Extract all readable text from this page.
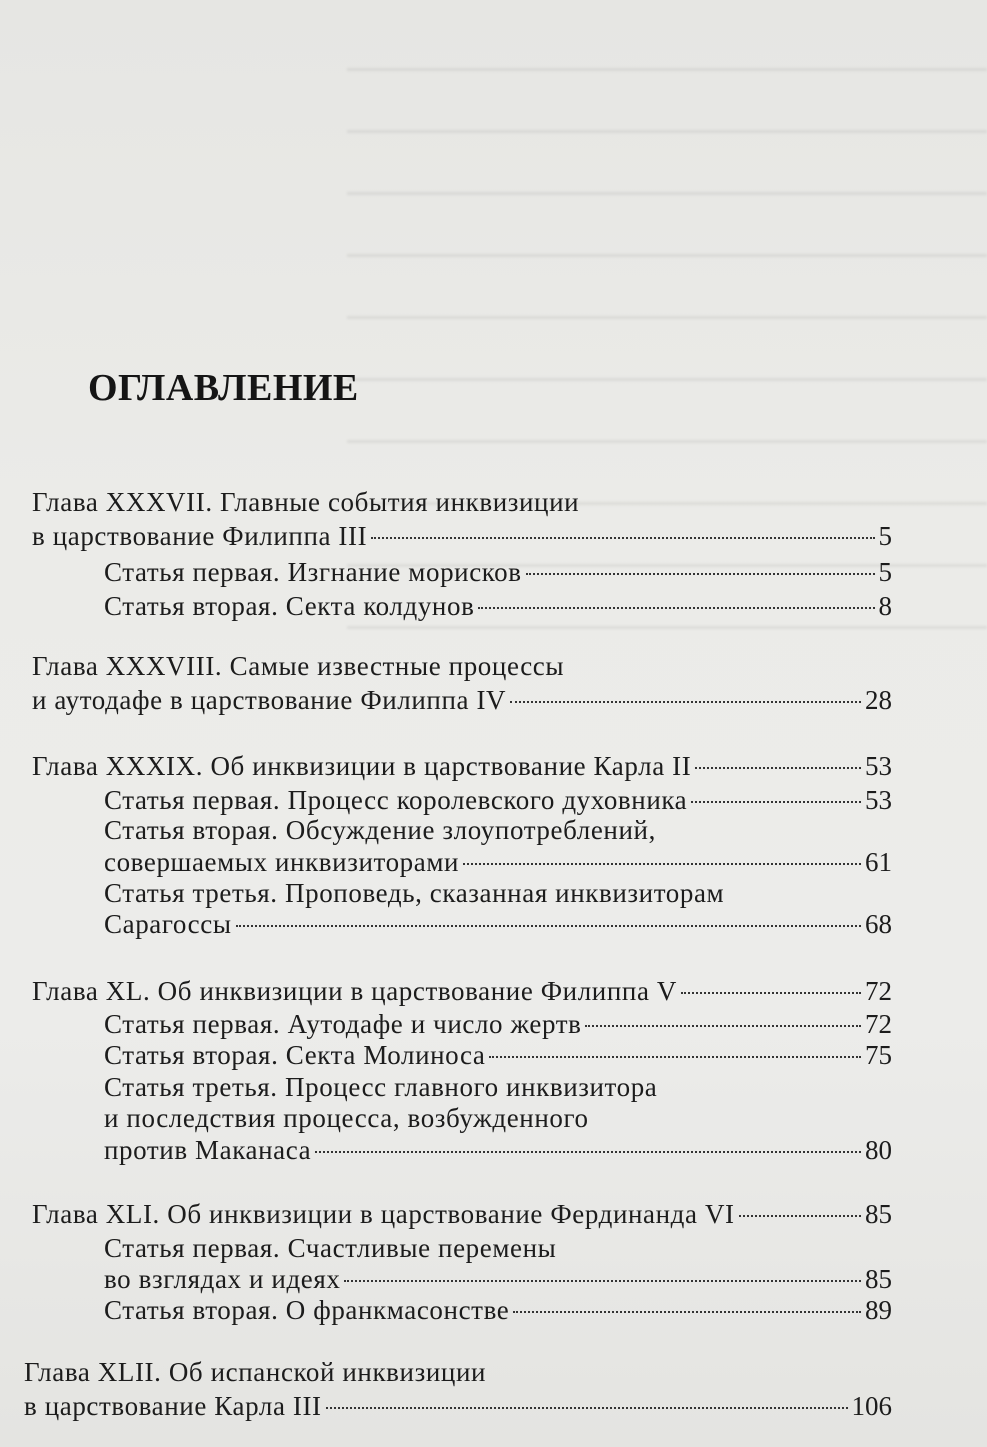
ОГЛАВЛЕНИЕ
Глава XXXVII. Главные события инквизиции
в царствование Филиппа III	5
Статья первая. Изгнание морисков	5
Статья вторая. Секта колдунов	8
Глава XXXVIII. Самые известные процессы
и аутодафе в царствование Филиппа IV	28
Глава XXXIX. Об инквизиции в царствование Карла II	53
Статья первая. Процесс королевского духовника	53
Статья вторая. Обсуждение злоупотреблений,
совершаемых инквизиторами	61
Статья третья. Проповедь, сказанная инквизиторам
Сарагоссы	68
Глава XL. Об инквизиции в царствование Филиппа V	72
Статья первая. Аутодафе и число жертв	72
Статья вторая. Секта Молиноса	75
Статья третья. Процесс главного инквизитора
и последствия процесса, возбужденного
против Маканаса	80
Глава XLI. Об инквизиции в царствование Фердинанда VI	85
Статья первая. Счастливые перемены
во взглядах и идеях	85
Статья вторая. О франкмасонстве	89
Глава XLII. Об испанской инквизиции
в царствование Карла III	106
